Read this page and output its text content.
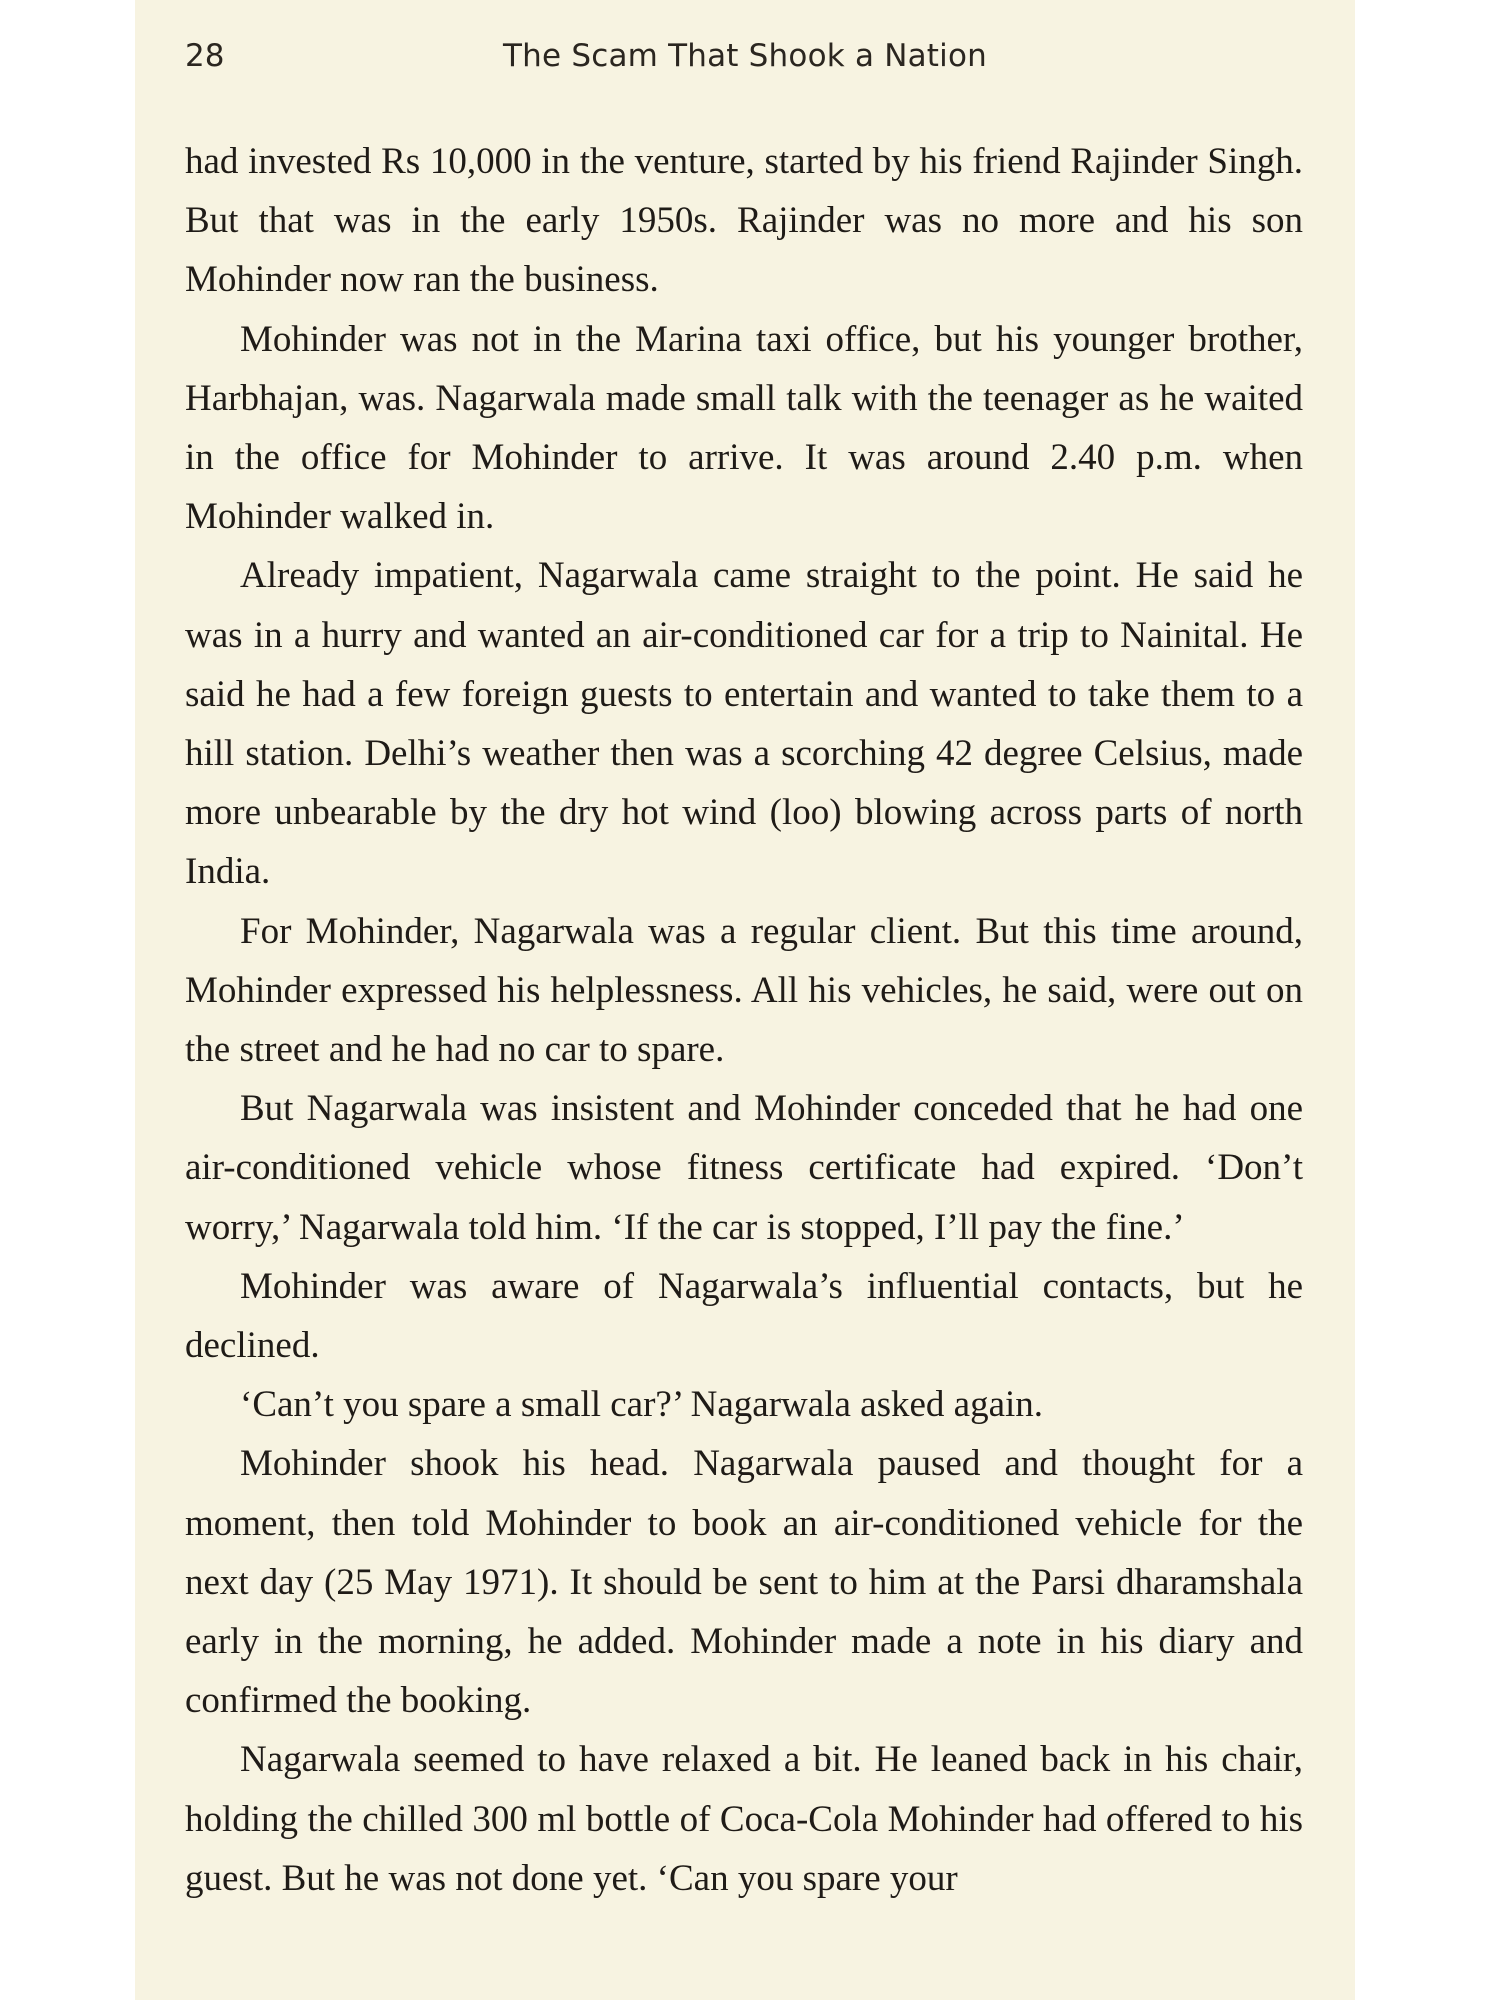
28	The Scam That Shook a Nation

had invested Rs 10,000 in the venture, started by his friend Rajinder Singh. But that was in the early 1950s. Rajinder was no more and his son Mohinder now ran the business.

Mohinder was not in the Marina taxi office, but his younger brother, Harbhajan, was. Nagarwala made small talk with the teenager as he waited in the office for Mohinder to arrive. It was around 2.40 p.m. when Mohinder walked in.

Already impatient, Nagarwala came straight to the point. He said he was in a hurry and wanted an air-conditioned car for a trip to Nainital. He said he had a few foreign guests to entertain and wanted to take them to a hill station. Delhi’s weather then was a scorching 42 degree Celsius, made more unbearable by the dry hot wind (loo) blowing across parts of north India.

For Mohinder, Nagarwala was a regular client. But this time around, Mohinder expressed his helplessness. All his vehicles, he said, were out on the street and he had no car to spare.

But Nagarwala was insistent and Mohinder conceded that he had one air-conditioned vehicle whose fitness certificate had expired. ‘Don’t worry,’ Nagarwala told him. ‘If the car is stopped, I’ll pay the fine.’

Mohinder was aware of Nagarwala’s influential contacts, but he declined.

‘Can’t you spare a small car?’ Nagarwala asked again.

Mohinder shook his head. Nagarwala paused and thought for a moment, then told Mohinder to book an air-conditioned vehicle for the next day (25 May 1971). It should be sent to him at the Parsi dharamshala early in the morning, he added. Mohinder made a note in his diary and confirmed the booking.

Nagarwala seemed to have relaxed a bit. He leaned back in his chair, holding the chilled 300 ml bottle of Coca-Cola Mohinder had offered to his guest. But he was not done yet. ‘Can you spare your
